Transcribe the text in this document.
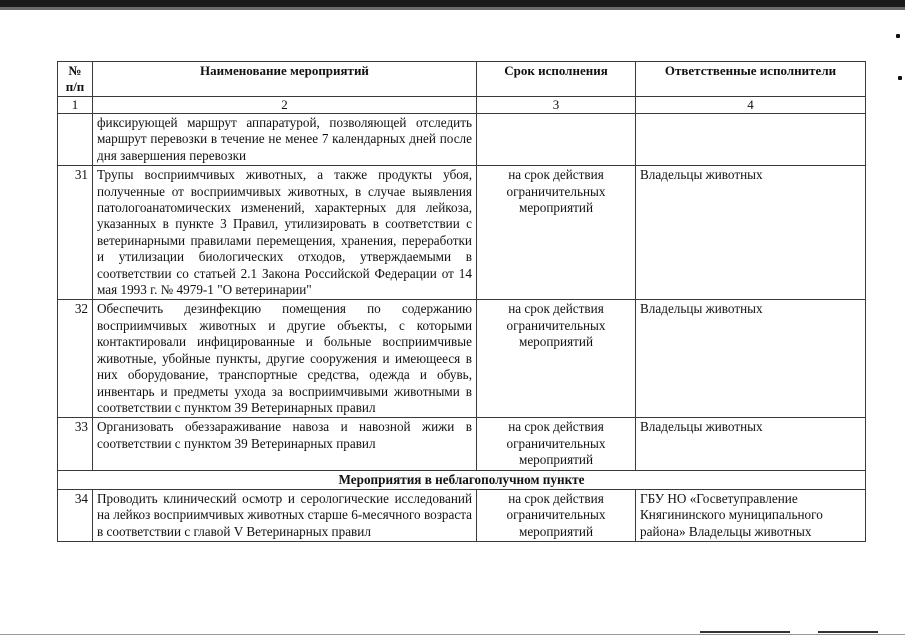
№ п/п	Наименование мероприятий	Срок исполнения	Ответственные исполнители
1	2	3	4
	фиксирующей маршрут аппаратурой, позволяющей отследить маршрут перевозки в течение не менее 7 календарных дней после дня завершения перевозки		
31	Трупы восприимчивых животных, а также продукты убоя, полученные от восприимчивых животных, в случае выявления патологоанатомических изменений, характерных для лейкоза, указанных в пункте 3 Правил, утилизировать в соответствии с ветеринарными правилами перемещения, хранения, переработки и утилизации биологических отходов, утверждаемыми в соответствии со статьей 2.1 Закона Российской Федерации от 14 мая 1993 г. № 4979-1 "О ветеринарии"	на срок действия ограничительных мероприятий	Владельцы животных
32	Обеспечить дезинфекцию помещения по содержанию восприимчивых животных и другие объекты, с которыми контактировали инфицированные и больные восприимчивые животные, убойные пункты, другие сооружения и имеющееся в них оборудование, транспортные средства, одежда и обувь, инвентарь и предметы ухода за восприимчивыми животными в соответствии с пунктом 39 Ветеринарных правил	на срок действия ограничительных мероприятий	Владельцы животных
33	Организовать обеззараживание навоза и навозной жижи в соответствии с пунктом 39 Ветеринарных правил	на срок действия ограничительных мероприятий	Владельцы животных
Мероприятия в неблагополучном пункте			
34	Проводить клинический осмотр и серологические исследований на лейкоз восприимчивых животных старше 6-месячного возраста в соответствии с главой V Ветеринарных правил	на срок действия ограничительных мероприятий	ГБУ НО «Госветуправление Княгининского муниципального района» Владельцы животных
